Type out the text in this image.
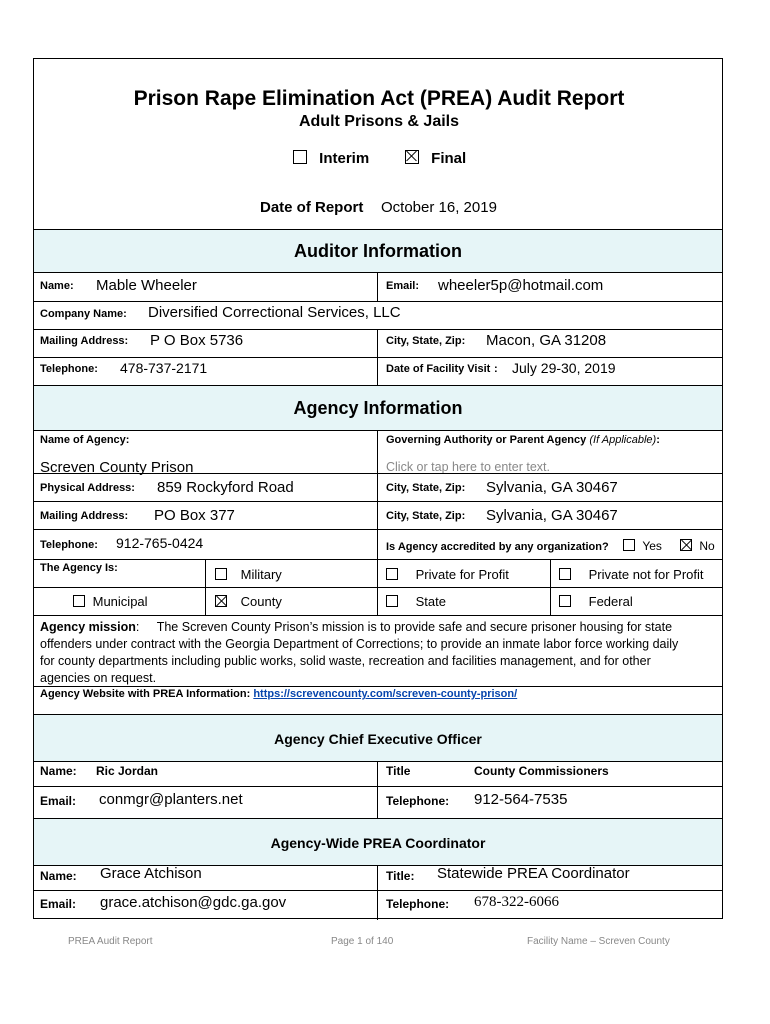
Prison Rape Elimination Act (PREA) Audit Report
Adult Prisons & Jails
Interim	Final
Date of Report October 16, 2019
Auditor Information
Name: Mable Wheeler	Email: wheeler5p@hotmail.com
Company Name: Diversified Correctional Services, LLC
Mailing Address: P O Box 5736	City, State, Zip: Macon, GA 31208
Telephone: 478-737-2171	Date of Facility Visit : July 29-30, 2019
Agency Information
Name of Agency:
Screven County Prison
Governing Authority or Parent Agency (If Applicable):
Click or tap here to enter text.
Physical Address: 859 Rockyford Road	City, State, Zip: Sylvania, GA 30467
Mailing Address: PO Box 377	City, State, Zip: Sylvania, GA 30467
Telephone: 912-765-0424	Is Agency accredited by any organization?	Yes	No
The Agency Is:	Military	Private for Profit	Private not for Profit
Municipal	County	State	Federal
Agency mission:     The Screven County Prison’s mission is to provide safe and secure prisoner housing for state
offenders under contract with the Georgia Department of Corrections; to provide an inmate labor force working daily
for county departments including public works, solid waste, recreation and facilities management, and for other
agencies on request.
Agency Website with PREA Information: https://screvencounty.com/screven-county-prison/
Agency Chief Executive Officer
Name: Ric Jordan	Title	County Commissioners
Email: conmgr@planters.net	Telephone: 912-564-7535
Agency-Wide PREA Coordinator
Name: Grace Atchison	Title: Statewide PREA Coordinator
Email: grace.atchison@gdc.ga.gov	Telephone: 678-322-6066
PREA Audit Report	Page 1 of 140	Facility Name – Screven County
